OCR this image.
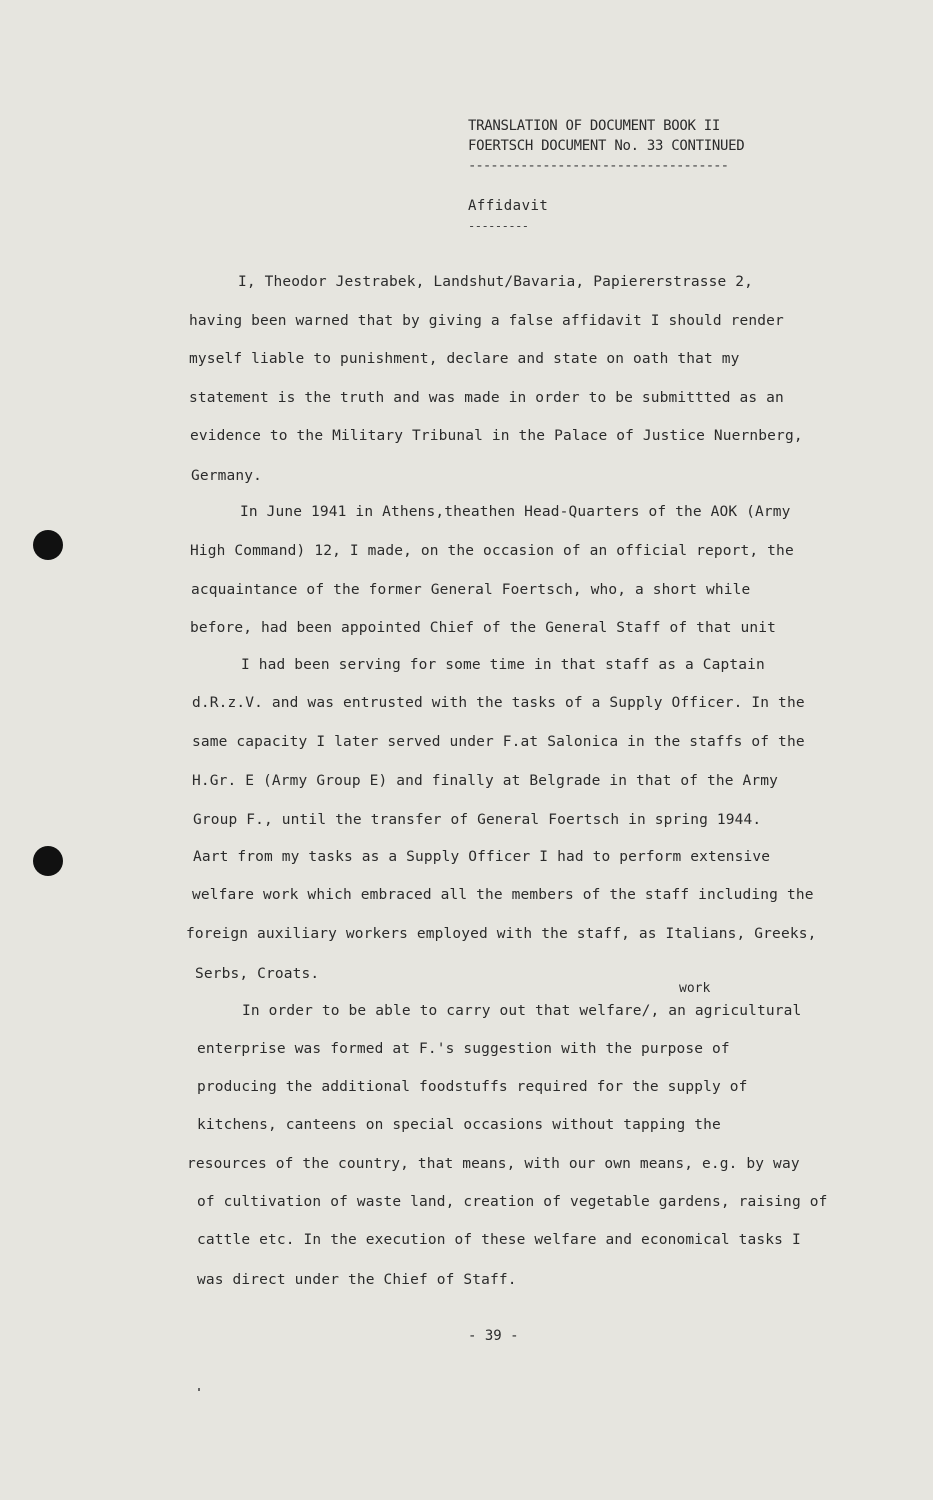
TRANSLATION OF DOCUMENT BOOK II
FOERTSCH DOCUMENT No. 33 CONTINUED
-----------------------------------
Affidavit
---------
I, Theodor Jestrabek, Landshut/Bavaria, Papiererstrasse 2,
having been warned that by giving a false affidavit I should render
myself liable to punishment, declare and state on oath that my
statement is the truth and was made in order to be submittted as an
evidence to the Military Tribunal in the Palace of Justice Nuernberg,
Germany.
In June 1941 in Athens,theathen Head-Quarters of the AOK (Army
High Command) 12, I made, on the occasion of an official report, the
acquaintance of the former General Foertsch, who, a short while
before, had been appointed Chief of the General Staff of that unit
I had been serving for some time in that staff as a Captain
d.R.z.V. and was entrusted with the tasks of a Supply Officer. In the
same capacity I later served under F.at Salonica in the staffs of the
H.Gr. E (Army Group E) and finally at Belgrade in that of the Army
Group F., until the transfer of General Foertsch in spring 1944.
Aart from my tasks as a Supply Officer I had to perform extensive
welfare work which embraced all the members of the staff including the
foreign auxiliary workers employed with the staff, as Italians, Greeks,
Serbs, Croats.
work
In order to be able to carry out that welfare/, an agricultural
enterprise was formed at F.'s suggestion with the purpose of
producing the additional foodstuffs required for the supply of
kitchens, canteens on special occasions without tapping the
resources of the country, that means, with our own means, e.g. by way
of cultivation of waste land, creation of vegetable gardens, raising of
cattle etc. In the execution of these welfare and economical tasks I
was direct under the Chief of Staff.
- 39 -
